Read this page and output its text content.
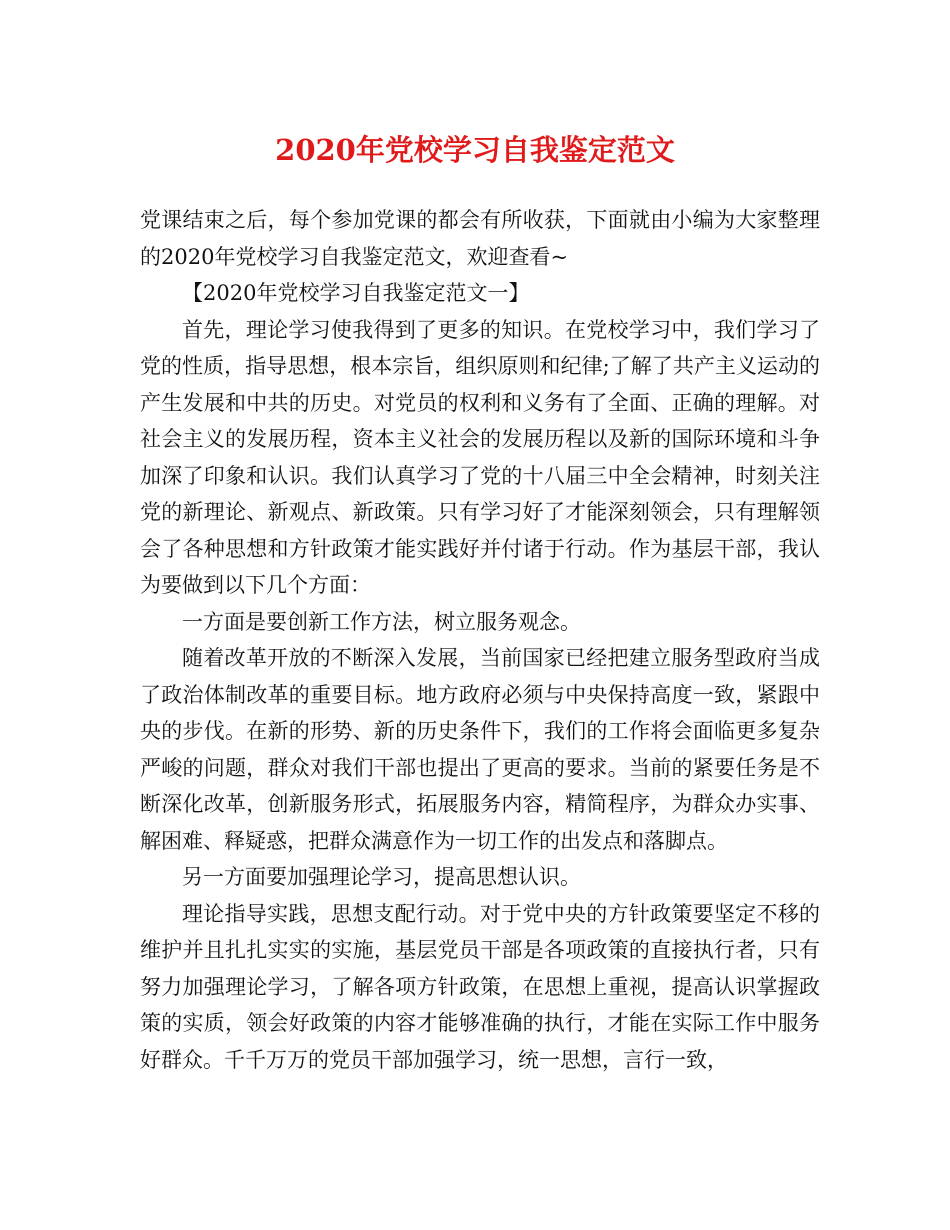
2020年党校学习自我鉴定范文

党课结束之后，每个参加党课的都会有所收获，下面就由小编为大家整理的2020年党校学习自我鉴定范文，欢迎查看~

【2020年党校学习自我鉴定范文一】

首先，理论学习使我得到了更多的知识。在党校学习中，我们学习了党的性质，指导思想，根本宗旨，组织原则和纪律;了解了共产主义运动的产生发展和中共的历史。对党员的权利和义务有了全面、正确的理解。对社会主义的发展历程，资本主义社会的发展历程以及新的国际环境和斗争加深了印象和认识。我们认真学习了党的十八届三中全会精神，时刻关注党的新理论、新观点、新政策。只有学习好了才能深刻领会，只有理解领会了各种思想和方针政策才能实践好并付诸于行动。作为基层干部，我认为要做到以下几个方面：

一方面是要创新工作方法，树立服务观念。

随着改革开放的不断深入发展，当前国家已经把建立服务型政府当成了政治体制改革的重要目标。地方政府必须与中央保持高度一致，紧跟中央的步伐。在新的形势、新的历史条件下，我们的工作将会面临更多复杂严峻的问题，群众对我们干部也提出了更高的要求。当前的紧要任务是不断深化改革，创新服务形式，拓展服务内容，精简程序，为群众办实事、解困难、释疑惑，把群众满意作为一切工作的出发点和落脚点。

另一方面要加强理论学习，提高思想认识。

理论指导实践，思想支配行动。对于党中央的方针政策要坚定不移的维护并且扎扎实实的实施，基层党员干部是各项政策的直接执行者，只有努力加强理论学习，了解各项方针政策，在思想上重视，提高认识掌握政策的实质，领会好政策的内容才能够准确的执行，才能在实际工作中服务好群众。千千万万的党员干部加强学习，统一思想，言行一致，
